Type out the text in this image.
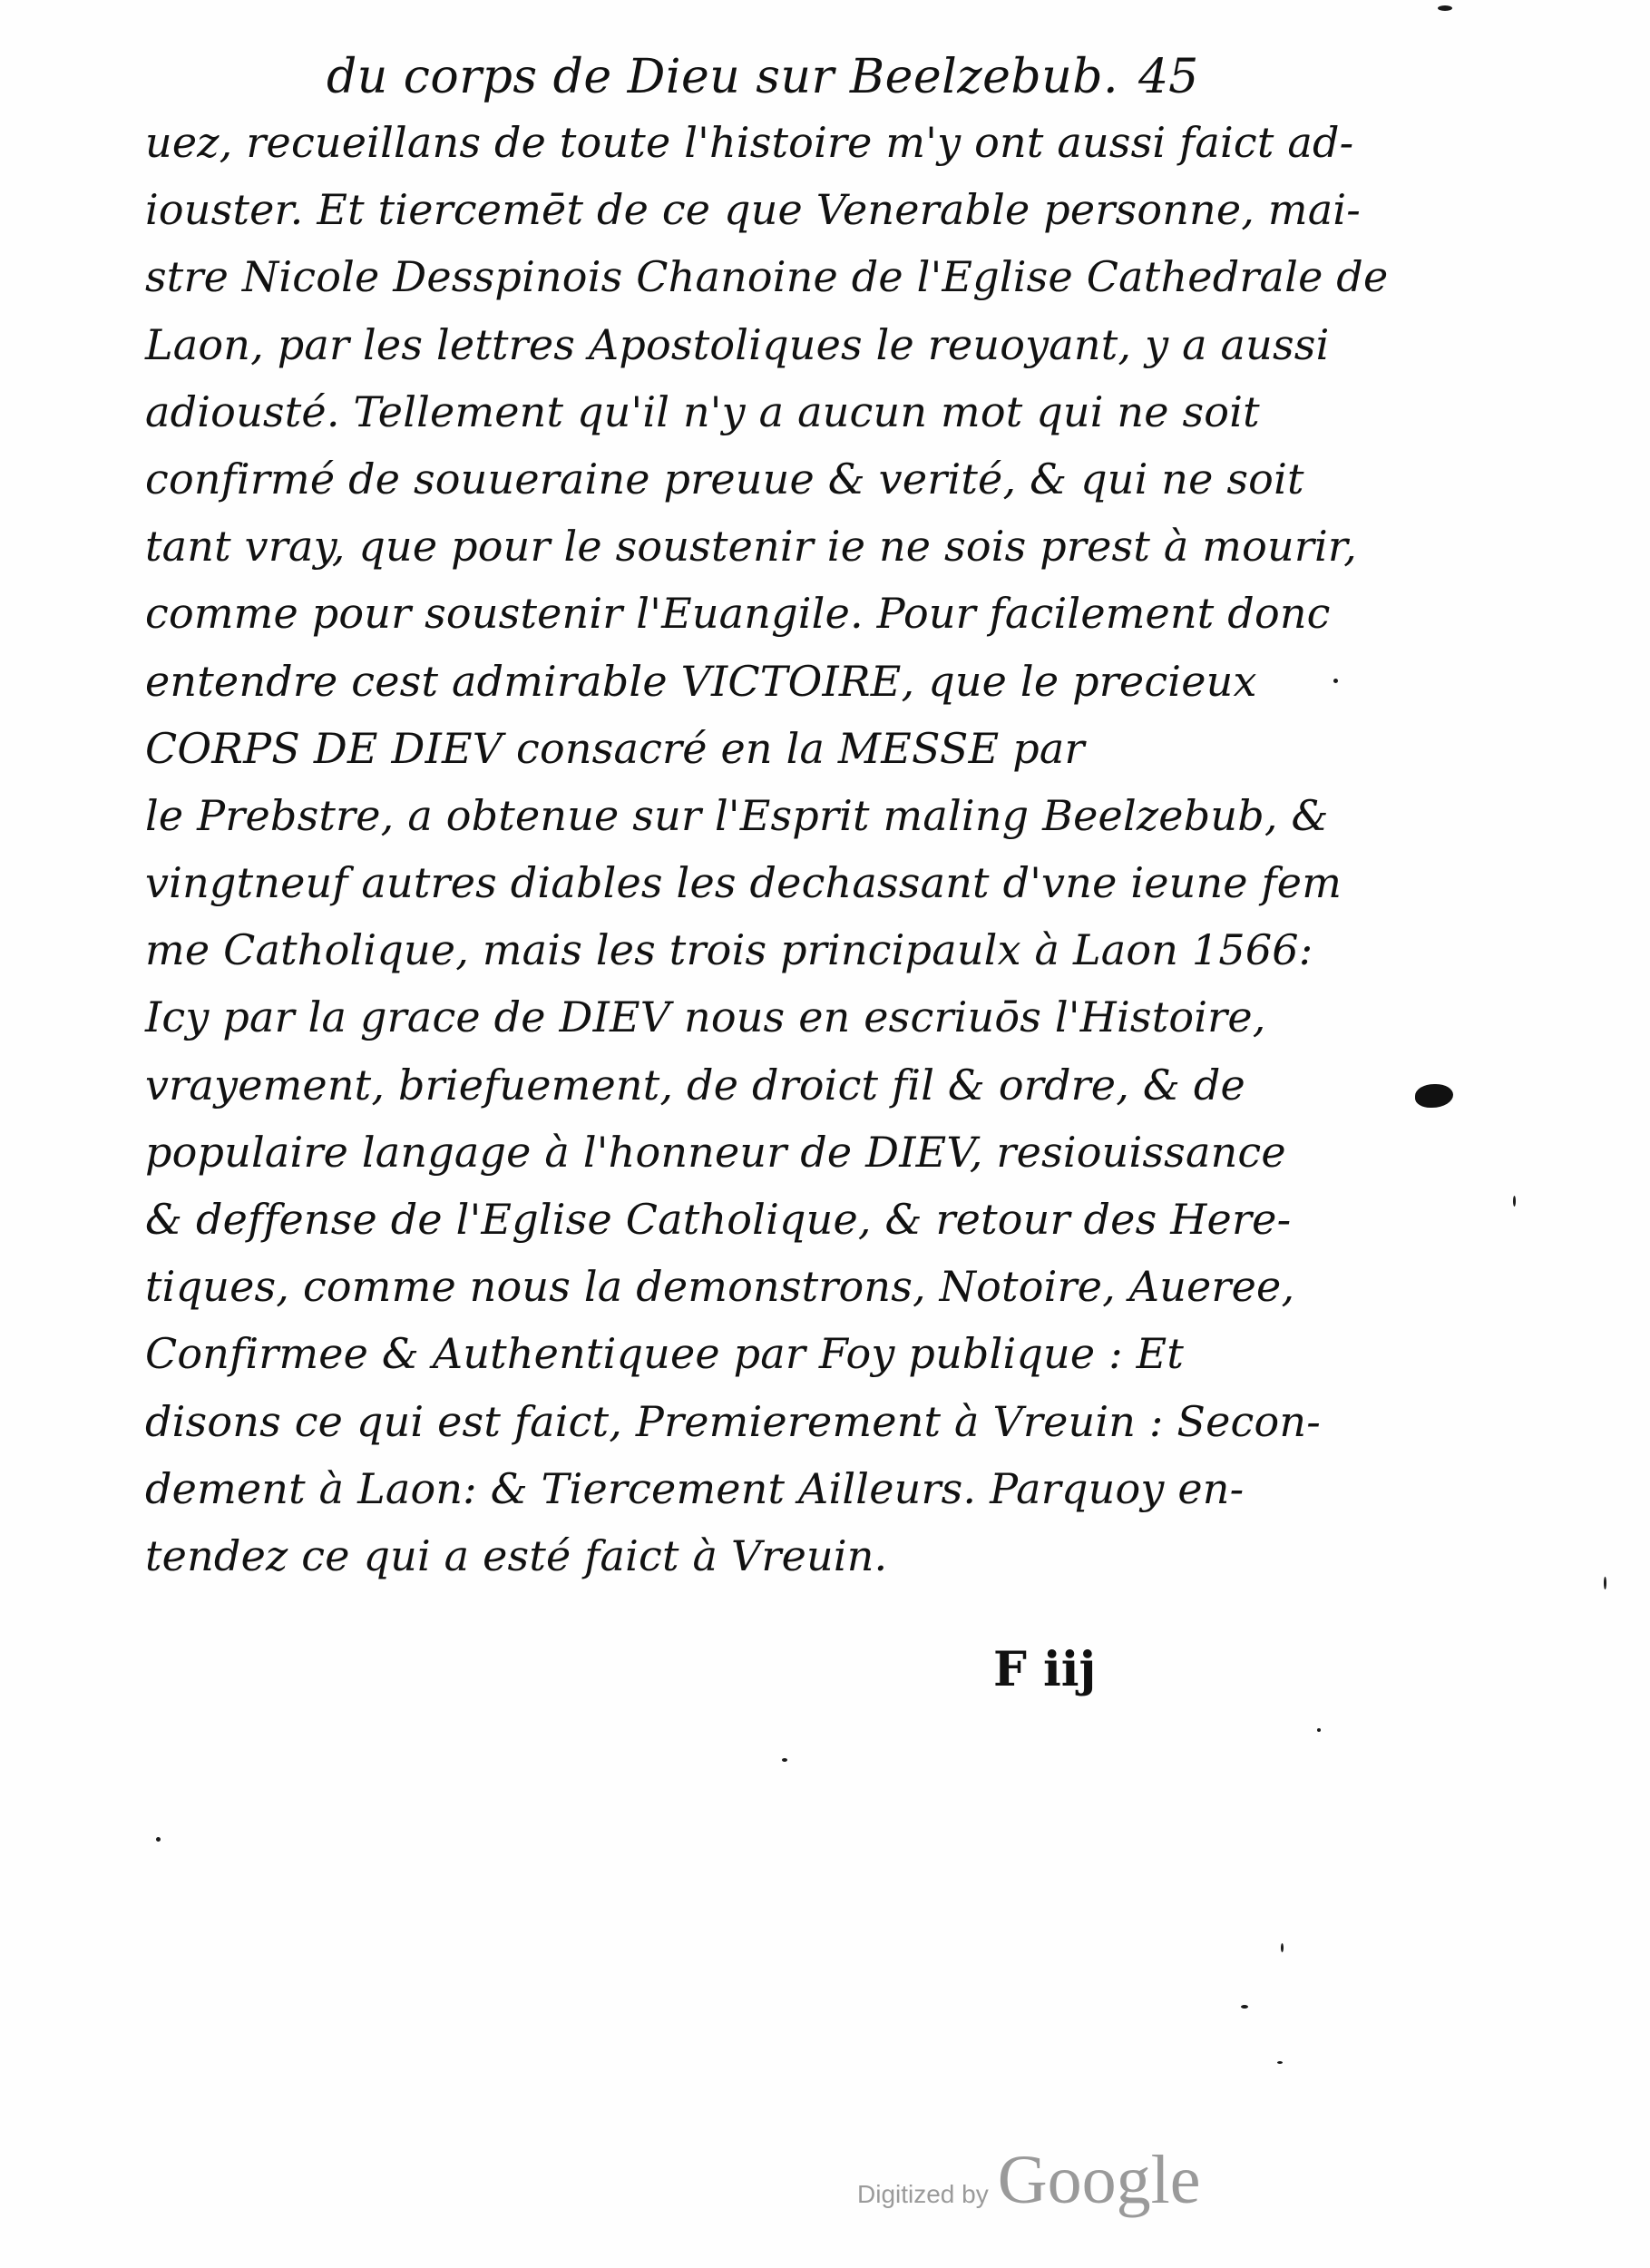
du corps de Dieu sur Beelzebub. 45
uez, recueillans de toute l'histoire m'y ont aussi faict ad-
iouster. Et tiercemēt de ce que Venerable personne, mai-
stre Nicole Desspinois Chanoine de l'Eglise Cathedrale de
Laon, par les lettres Apostoliques le reuoyant, y a aussi
adiousté. Tellement qu'il n'y a aucun mot qui ne soit
confirmé de souueraine preuue & verité, & qui ne soit
tant vray, que pour le soustenir ie ne sois prest à mourir,
comme pour soustenir l'Euangile. Pour facilement donc
entendre cest admirable VICTOIRE, que le precieux
CORPS DE DIEV consacré en la MESSE par
le Prebstre, a obtenue sur l'Esprit maling Beelzebub, &
vingtneuf autres diables les dechassant d'vne ieune fem
me Catholique, mais les trois principaulx à Laon 1566:
Icy par la grace de DIEV nous en escriuōs l'Histoire,
vrayement, briefuement, de droict fil & ordre, & de
populaire langage à l'honneur de DIEV, resiouissance
& deffense de l'Eglise Catholique, & retour des Here-
tiques, comme nous la demonstrons, Notoire, Aueree,
Confirmee & Authentiquee par Foy publique : Et
disons ce qui est faict, Premierement à Vreuin : Secon-
dement à Laon: & Tiercement Ailleurs. Parquoy en-
tendez ce qui a esté faict à Vreuin.
F iij
Digitized by Google
